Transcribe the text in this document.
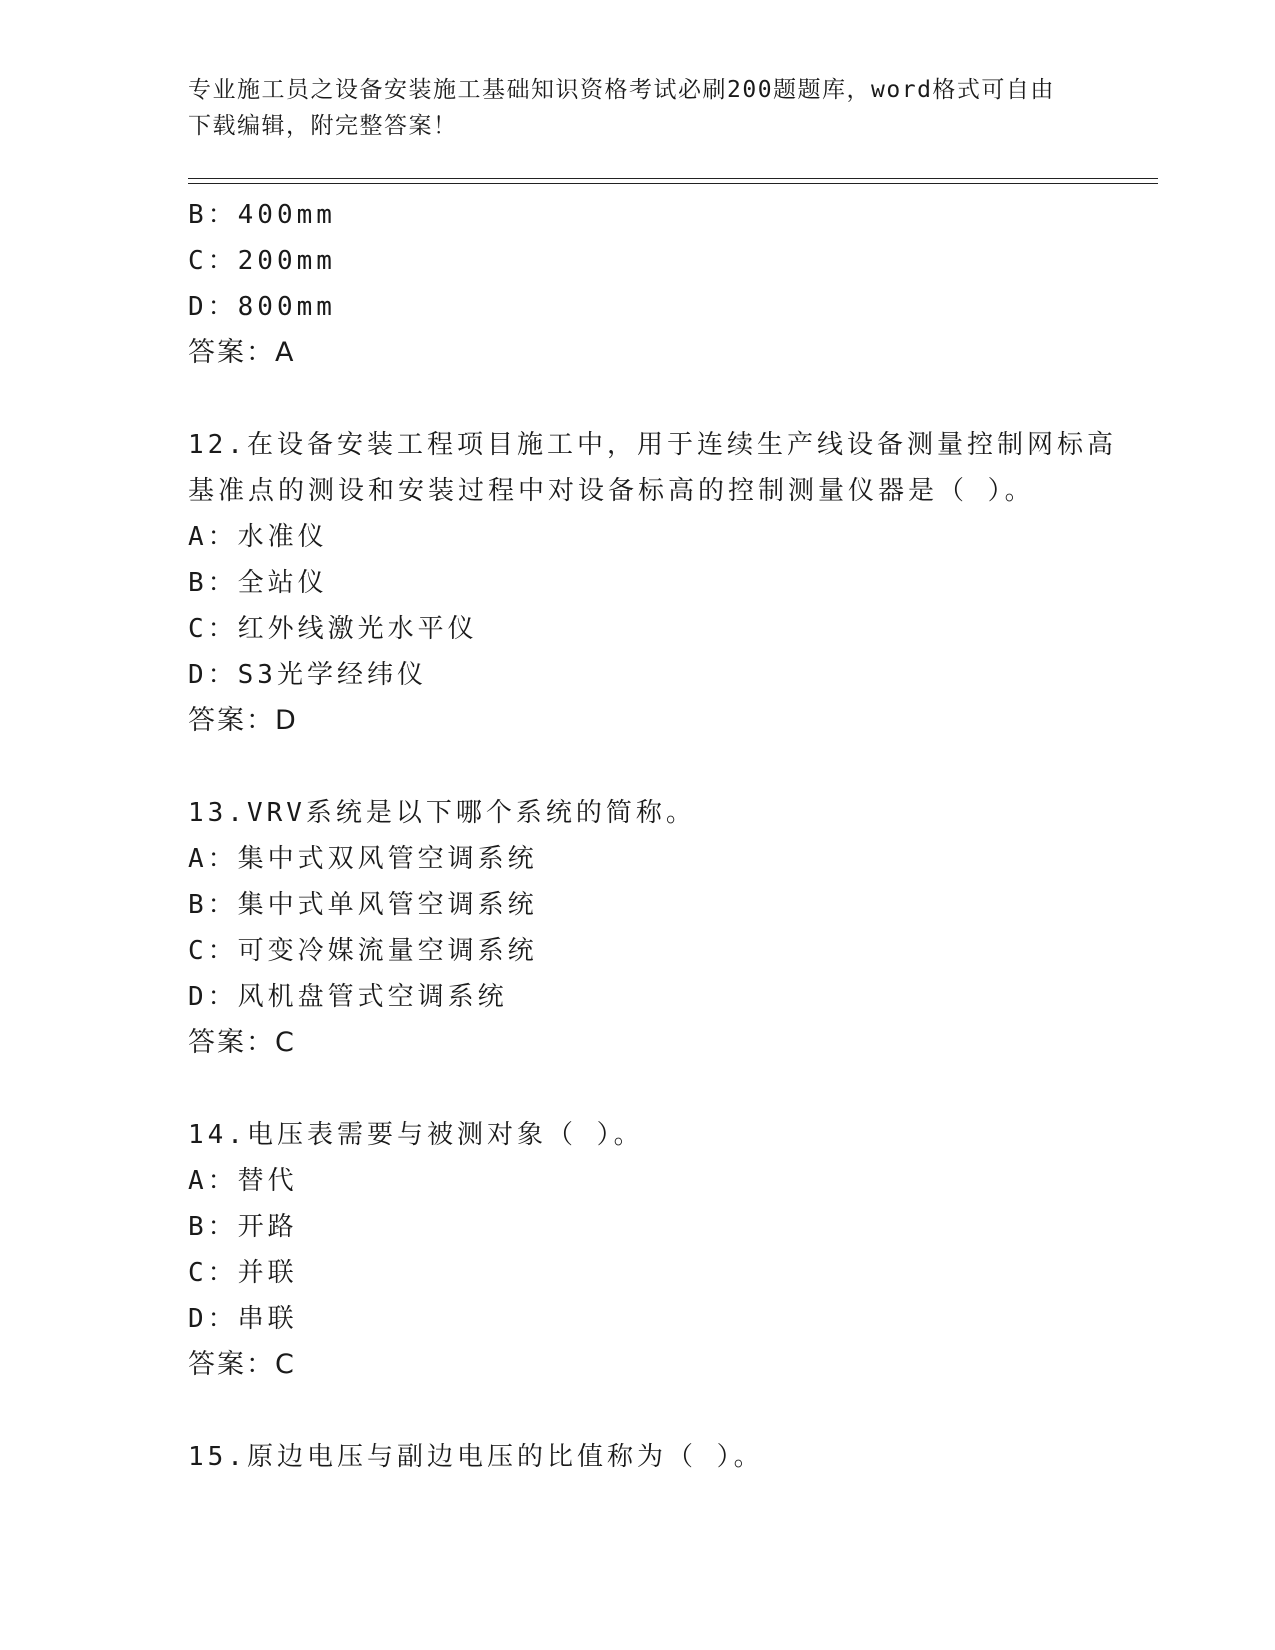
专业施工员之设备安装施工基础知识资格考试必刷200题题库，word格式可自由
下载编辑，附完整答案！
B：400mm
C：200mm
D：800mm
答案：A
12.在设备安装工程项目施工中，用于连续生产线设备测量控制网标高
基准点的测设和安装过程中对设备标高的控制测量仪器是（ ）。
A：水准仪
B：全站仪
C：红外线激光水平仪
D：S3光学经纬仪
答案：D
13.VRV系统是以下哪个系统的简称。
A：集中式双风管空调系统
B：集中式单风管空调系统
C：可变冷媒流量空调系统
D：风机盘管式空调系统
答案：C
14.电压表需要与被测对象（ ）。
A：替代
B：开路
C：并联
D：串联
答案：C
15.原边电压与副边电压的比值称为（ ）。
